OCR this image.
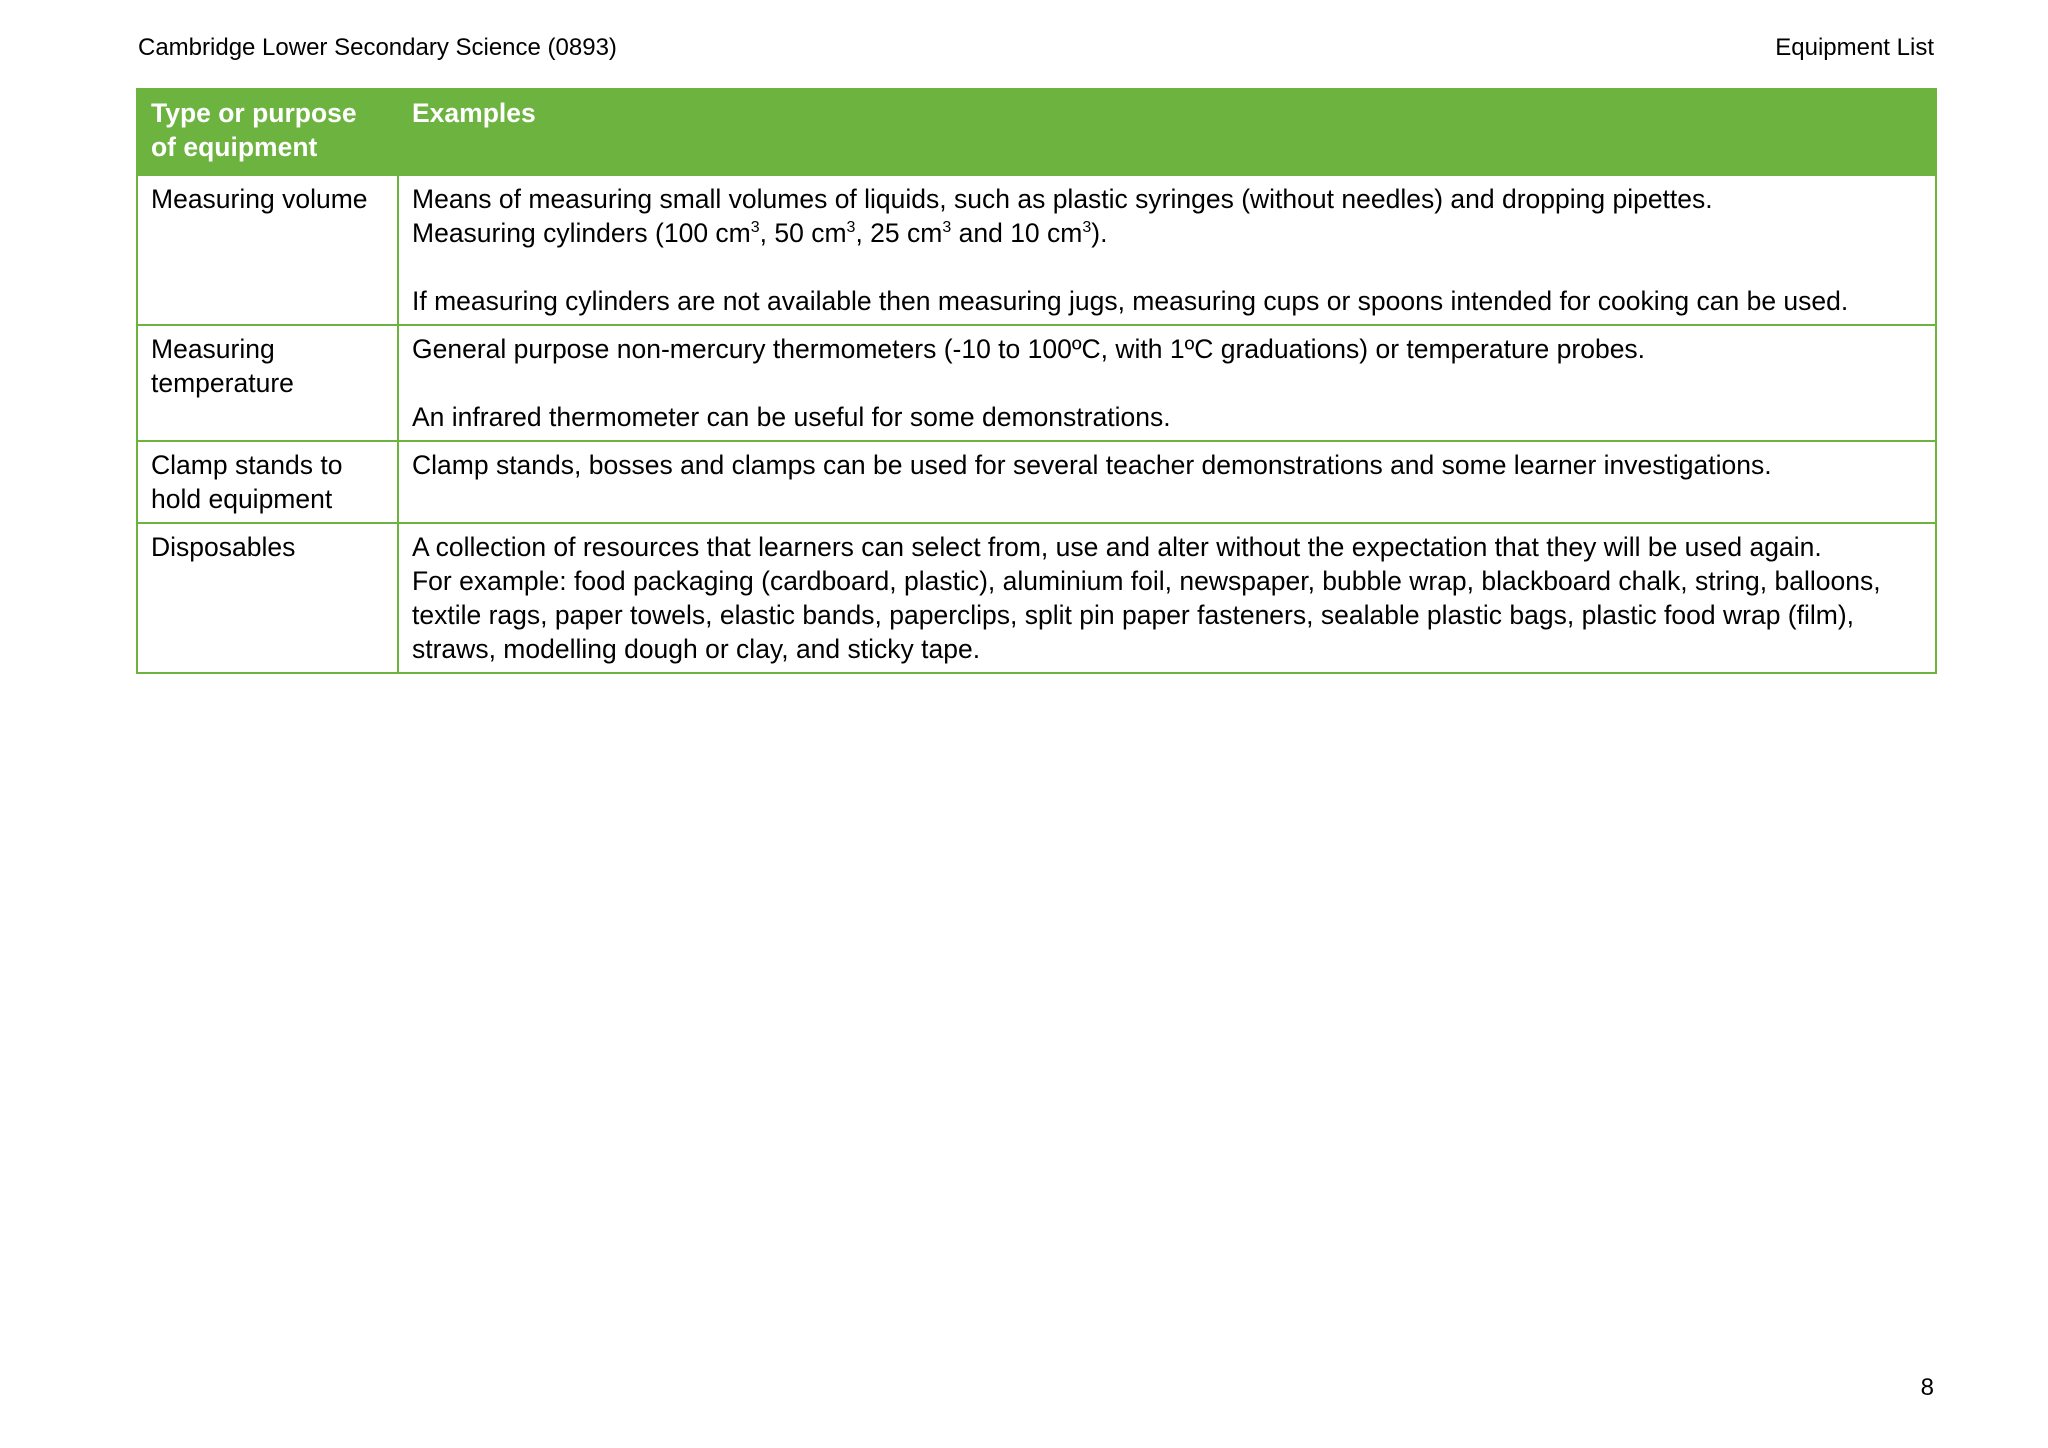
Cambridge Lower Secondary Science (0893)	Equipment List
Type or purpose of equipment	Examples
Measuring volume	Means of measuring small volumes of liquids, such as plastic syringes (without needles) and dropping pipettes.
Measuring cylinders (100 $cm^3$, 50 $cm^3$, 25 $cm^3$ and 10 $cm^3$).
If measuring cylinders are not available then measuring jugs, measuring cups or spoons intended for cooking can be used.

Measuring temperature	General purpose non-mercury thermometers (-10 to 100ºC, with 1ºC graduations) or temperature probes.
An infrared thermometer can be useful for some demonstrations.

Clamp stands to hold equipment	Clamp stands, bosses and clamps can be used for several teacher demonstrations and some learner investigations.

Disposables	A collection of resources that learners can select from, use and alter without the expectation that they will be used again.
For example: food packaging (cardboard, plastic), aluminium foil, newspaper, bubble wrap, blackboard chalk, string, balloons, textile rags, paper towels, elastic bands, paperclips, split pin paper fasteners, sealable plastic bags, plastic food wrap (film), straws, modelling dough or clay, and sticky tape.
8
